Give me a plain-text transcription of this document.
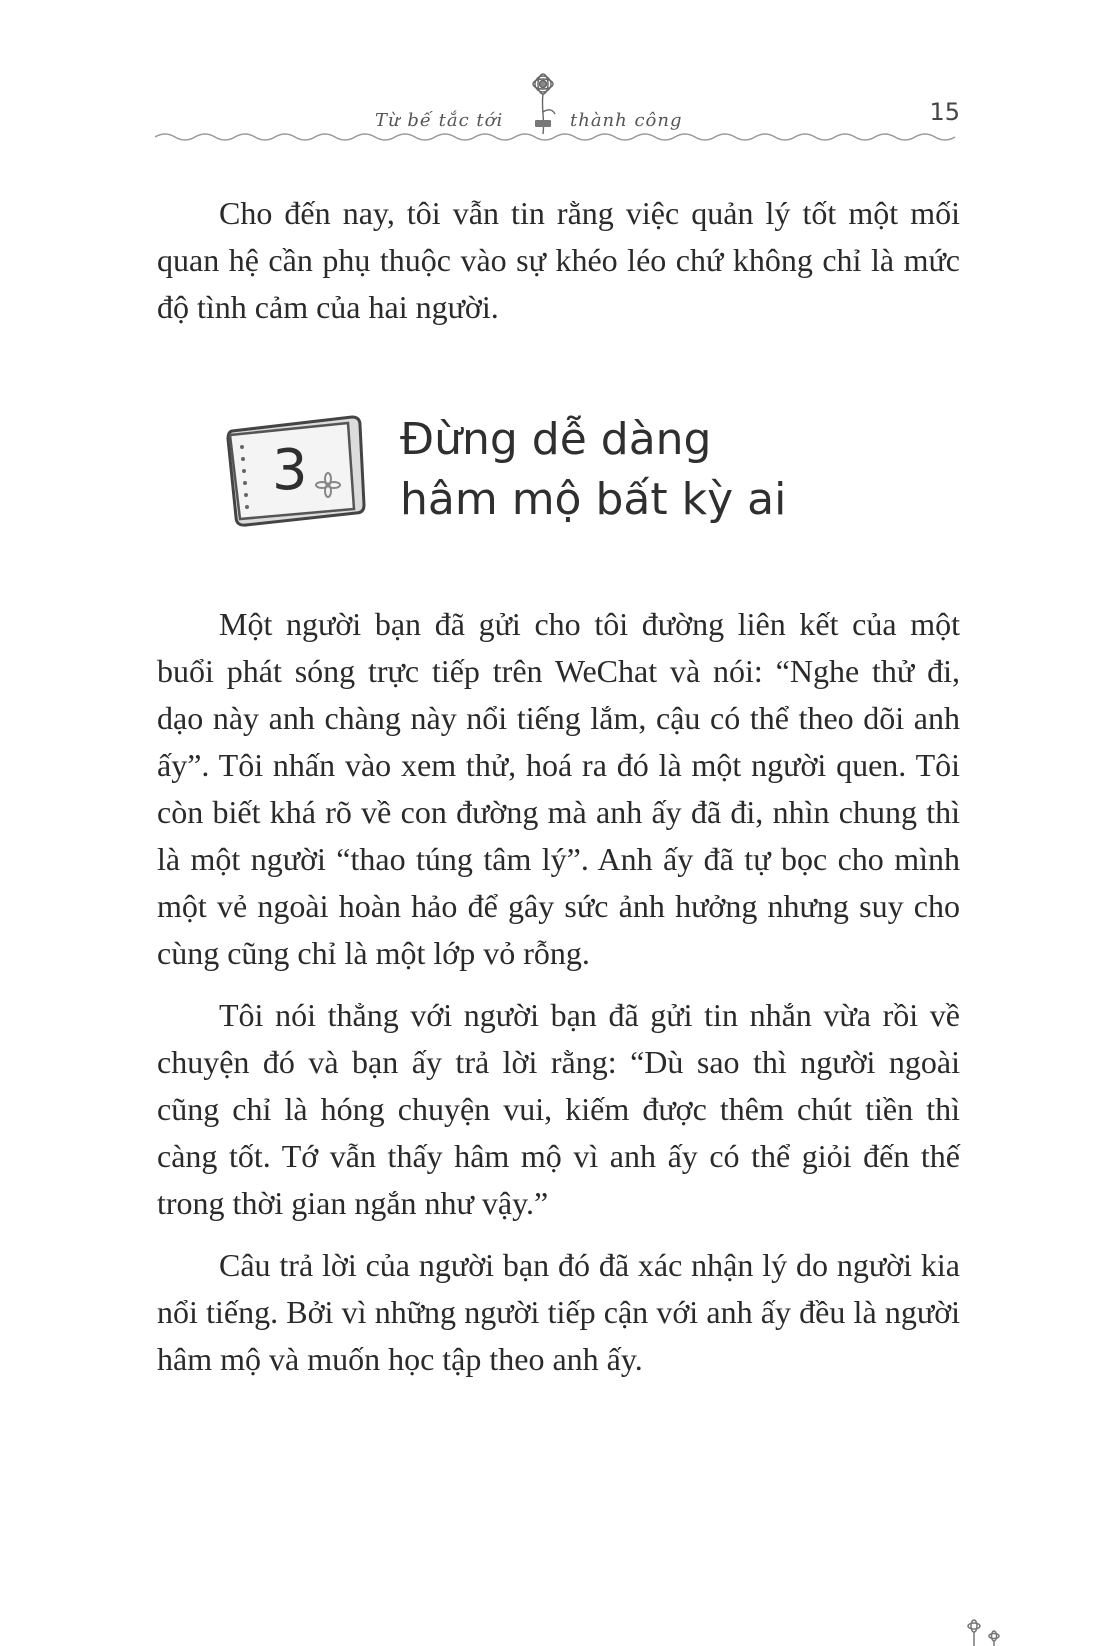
Từ bế tắc tới	thành công	15

Cho đến nay, tôi vẫn tin rằng việc quản lý tốt một mối quan hệ cần phụ thuộc vào sự khéo léo chứ không chỉ là mức độ tình cảm của hai người.

3 Đừng dễ dàng
hâm mộ bất kỳ ai

Một người bạn đã gửi cho tôi đường liên kết của một buổi phát sóng trực tiếp trên WeChat và nói: “Nghe thử đi, dạo này anh chàng này nổi tiếng lắm, cậu có thể theo dõi anh ấy”. Tôi nhấn vào xem thử, hoá ra đó là một người quen. Tôi còn biết khá rõ về con đường mà anh ấy đã đi, nhìn chung thì là một người “thao túng tâm lý”. Anh ấy đã tự bọc cho mình một vẻ ngoài hoàn hảo để gây sức ảnh hưởng nhưng suy cho cùng cũng chỉ là một lớp vỏ rỗng.

Tôi nói thẳng với người bạn đã gửi tin nhắn vừa rồi về chuyện đó và bạn ấy trả lời rằng: “Dù sao thì người ngoài cũng chỉ là hóng chuyện vui, kiếm được thêm chút tiền thì càng tốt. Tớ vẫn thấy hâm mộ vì anh ấy có thể giỏi đến thế trong thời gian ngắn như vậy.”

Câu trả lời của người bạn đó đã xác nhận lý do người kia nổi tiếng. Bởi vì những người tiếp cận với anh ấy đều là người hâm mộ và muốn học tập theo anh ấy.
